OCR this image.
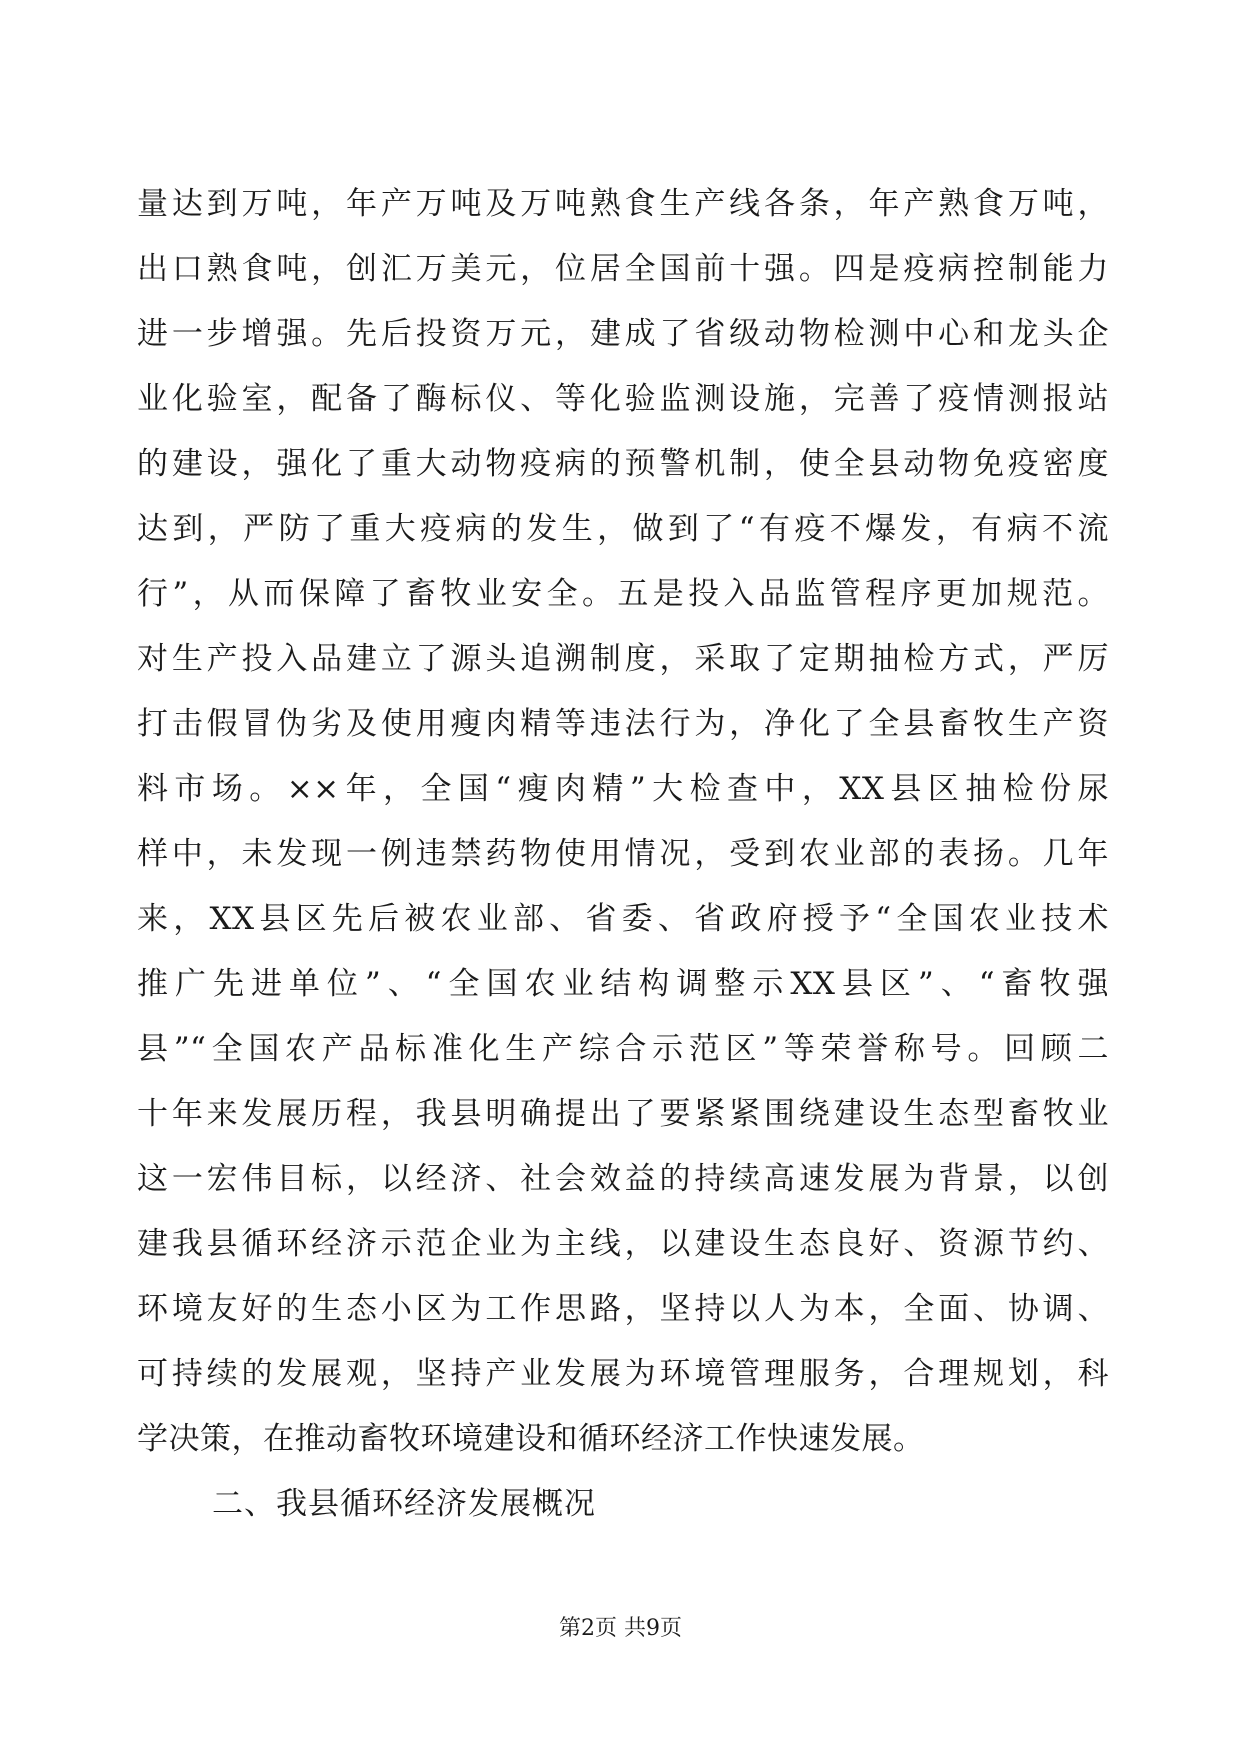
量达到万吨，年产万吨及万吨熟食生产线各条，年产熟食万吨，
出口熟食吨，创汇万美元，位居全国前十强。四是疫病控制能力
进一步增强。先后投资万元，建成了省级动物检测中心和龙头企
业化验室，配备了酶标仪、等化验监测设施，完善了疫情测报站
的建设，强化了重大动物疫病的预警机制，使全县动物免疫密度
达到，严防了重大疫病的发生，做到了“有疫不爆发，有病不流
行”，从而保障了畜牧业安全。五是投入品监管程序更加规范。
对生产投入品建立了源头追溯制度，采取了定期抽检方式，严厉
打击假冒伪劣及使用瘦肉精等违法行为，净化了全县畜牧生产资
料市场。××年，全国“瘦肉精”大检查中，XX县区抽检份尿
样中，未发现一例违禁药物使用情况，受到农业部的表扬。几年
来，XX县区先后被农业部、省委、省政府授予“全国农业技术
推广先进单位”、“全国农业结构调整示XX县区”、“畜牧强
县”“全国农产品标准化生产综合示范区”等荣誉称号。回顾二
十年来发展历程，我县明确提出了要紧紧围绕建设生态型畜牧业
这一宏伟目标，以经济、社会效益的持续高速发展为背景，以创
建我县循环经济示范企业为主线，以建设生态良好、资源节约、
环境友好的生态小区为工作思路，坚持以人为本，全面、协调、
可持续的发展观，坚持产业发展为环境管理服务，合理规划，科
学决策，在推动畜牧环境建设和循环经济工作快速发展。
二、我县循环经济发展概况
第2页 共9页
